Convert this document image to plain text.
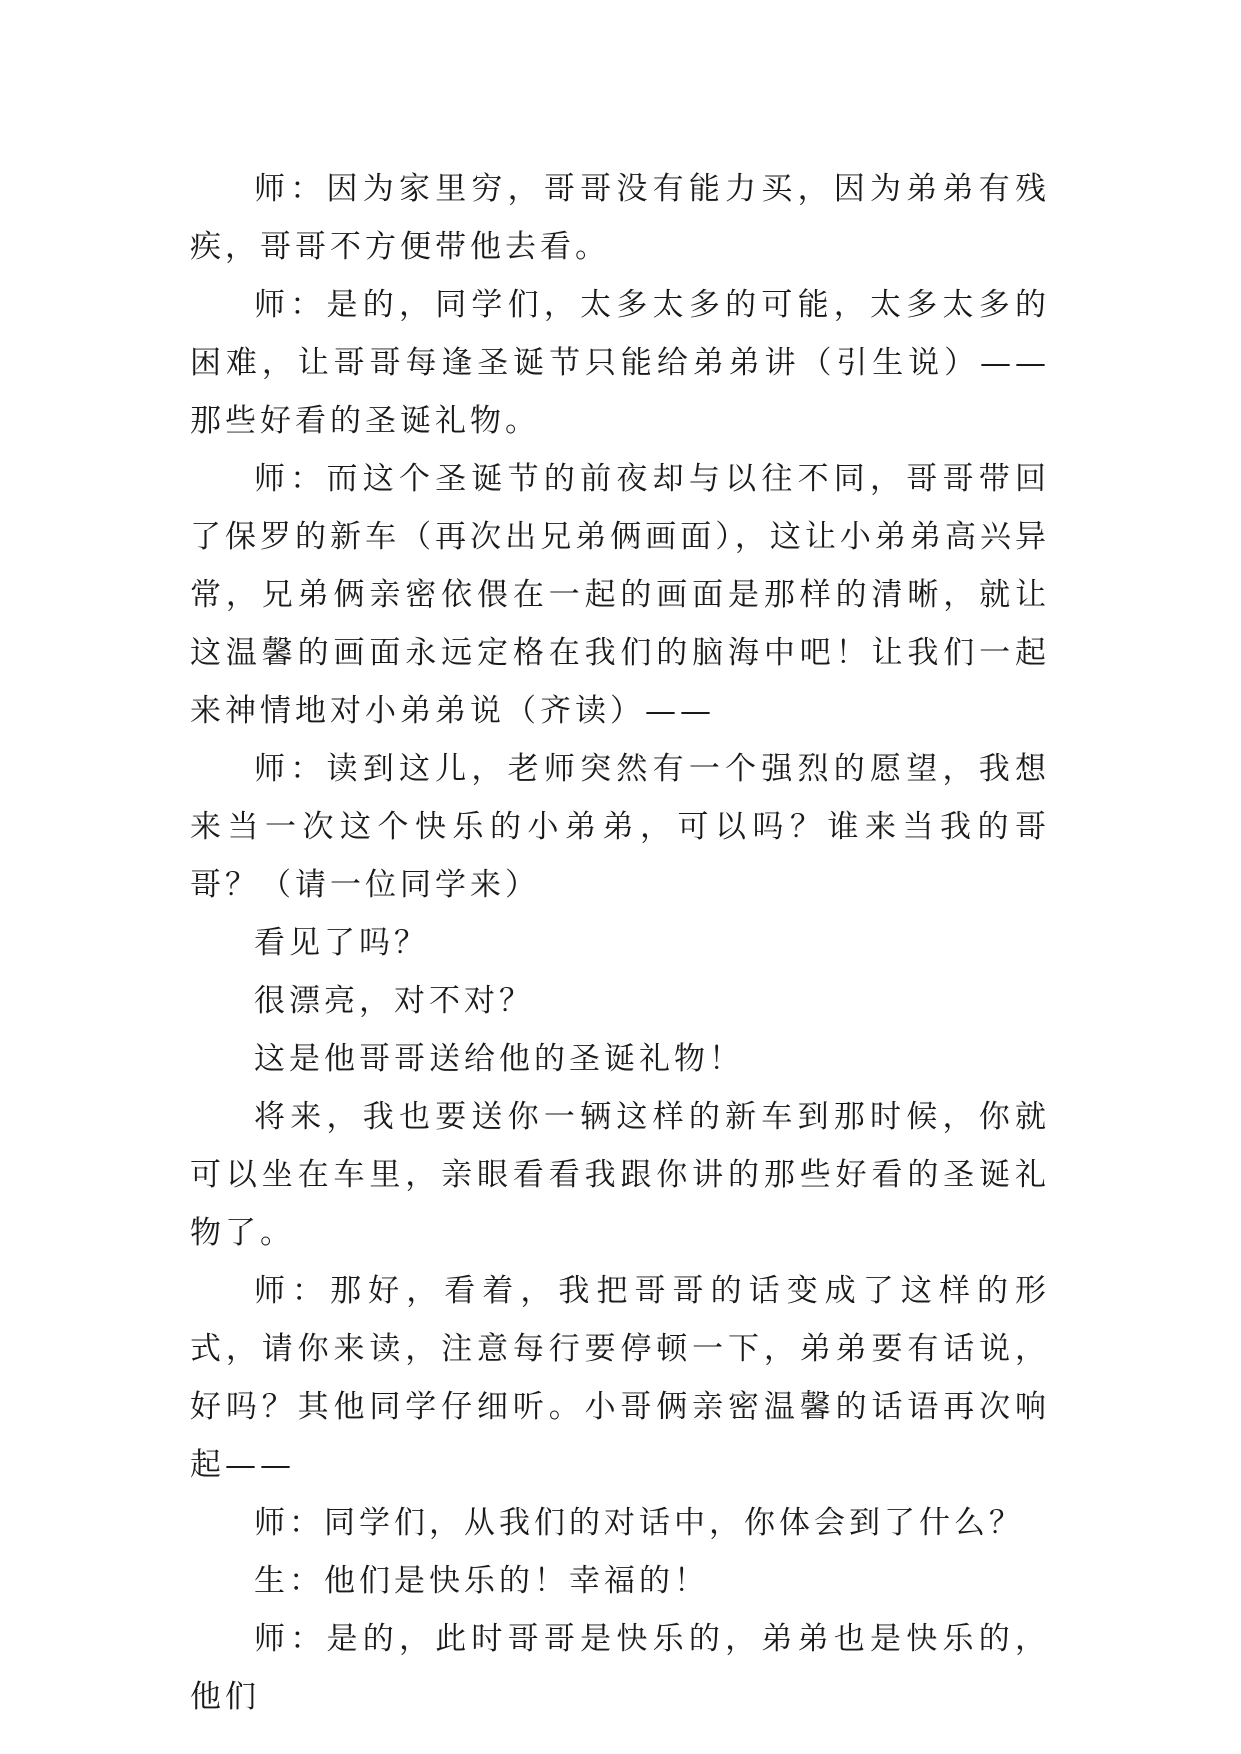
师：因为家里穷，哥哥没有能力买，因为弟弟有残疾，哥哥不方便带他去看。

师：是的，同学们，太多太多的可能，太多太多的困难，让哥哥每逢圣诞节只能给弟弟讲（引生说）——那些好看的圣诞礼物。

师：而这个圣诞节的前夜却与以往不同，哥哥带回了保罗的新车（再次出兄弟俩画面），这让小弟弟高兴异常，兄弟俩亲密依偎在一起的画面是那样的清晰，就让这温馨的画面永远定格在我们的脑海中吧！让我们一起来神情地对小弟弟说（齐读）——

师：读到这儿，老师突然有一个强烈的愿望，我想来当一次这个快乐的小弟弟，可以吗？谁来当我的哥哥？（请一位同学来）

看见了吗？

很漂亮，对不对？

这是他哥哥送给他的圣诞礼物！

将来，我也要送你一辆这样的新车到那时候，你就可以坐在车里，亲眼看看我跟你讲的那些好看的圣诞礼物了。

师：那好，看着，我把哥哥的话变成了这样的形式，请你来读，注意每行要停顿一下，弟弟要有话说，好吗？其他同学仔细听。小哥俩亲密温馨的话语再次响起——

师：同学们，从我们的对话中，你体会到了什么？

生：他们是快乐的！幸福的！

师：是的，此时哥哥是快乐的，弟弟也是快乐的，他们
